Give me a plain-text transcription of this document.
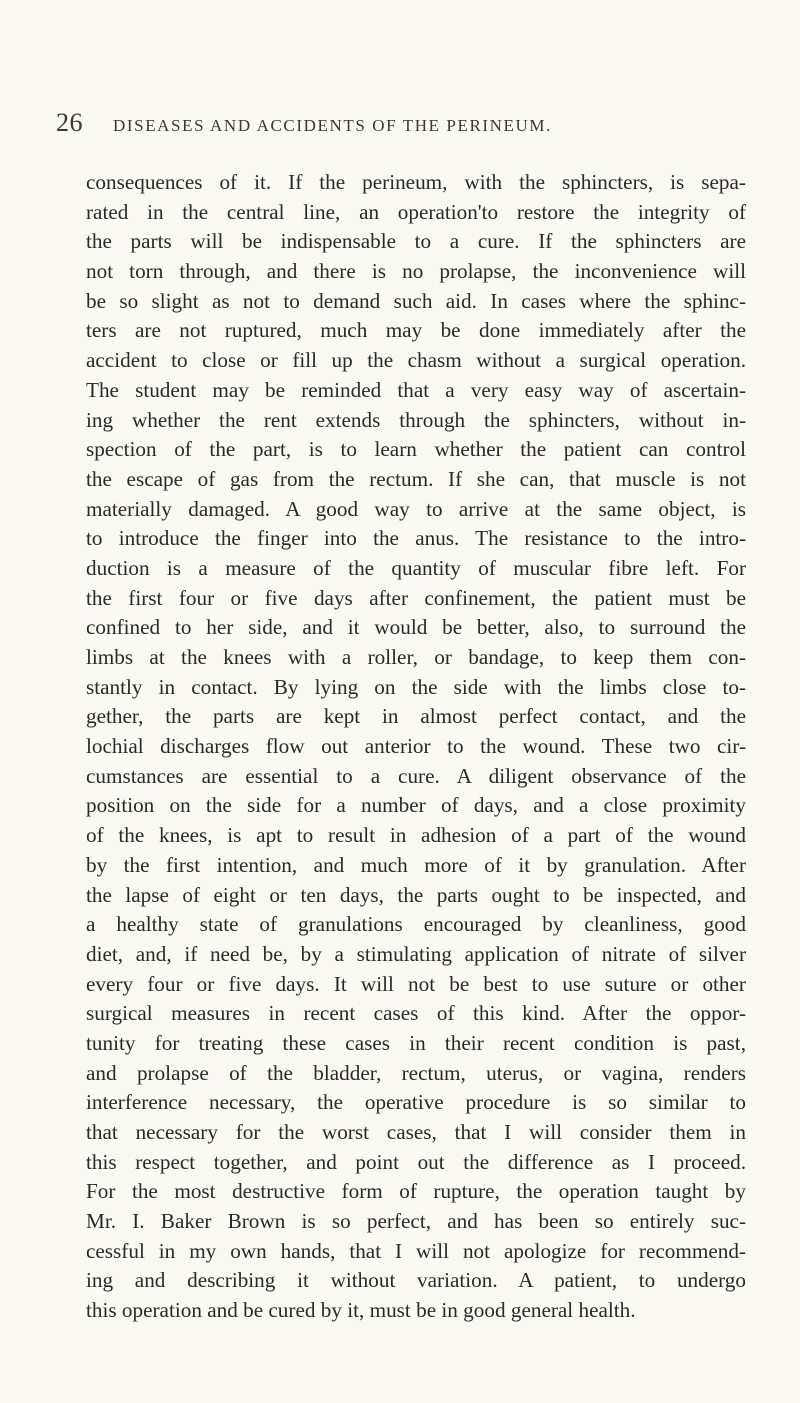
26 DISEASES AND ACCIDENTS OF THE PERINEUM.
consequences of it. If the perineum, with the sphincters, is sepa-
rated in the central line, an operation'to restore the integrity of
the parts will be indispensable to a cure. If the sphincters are
not torn through, and there is no prolapse, the inconvenience will
be so slight as not to demand such aid. In cases where the sphinc-
ters are not ruptured, much may be done immediately after the
accident to close or fill up the chasm without a surgical operation.
The student may be reminded that a very easy way of ascertain-
ing whether the rent extends through the sphincters, without in-
spection of the part, is to learn whether the patient can control
the escape of gas from the rectum. If she can, that muscle is not
materially damaged. A good way to arrive at the same object, is
to introduce the finger into the anus. The resistance to the intro-
duction is a measure of the quantity of muscular fibre left. For
the first four or five days after confinement, the patient must be
confined to her side, and it would be better, also, to surround the
limbs at the knees with a roller, or bandage, to keep them con-
stantly in contact. By lying on the side with the limbs close to-
gether, the parts are kept in almost perfect contact, and the
lochial discharges flow out anterior to the wound. These two cir-
cumstances are essential to a cure. A diligent observance of the
position on the side for a number of days, and a close proximity
of the knees, is apt to result in adhesion of a part of the wound
by the first intention, and much more of it by granulation. After
the lapse of eight or ten days, the parts ought to be inspected, and
a healthy state of granulations encouraged by cleanliness, good
diet, and, if need be, by a stimulating application of nitrate of silver
every four or five days. It will not be best to use suture or other
surgical measures in recent cases of this kind. After the oppor-
tunity for treating these cases in their recent condition is past,
and prolapse of the bladder, rectum, uterus, or vagina, renders
interference necessary, the operative procedure is so similar to
that necessary for the worst cases, that I will consider them in
this respect together, and point out the difference as I proceed.
For the most destructive form of rupture, the operation taught by
Mr. I. Baker Brown is so perfect, and has been so entirely suc-
cessful in my own hands, that I will not apologize for recommend-
ing and describing it without variation. A patient, to undergo
this operation and be cured by it, must be in good general health.
